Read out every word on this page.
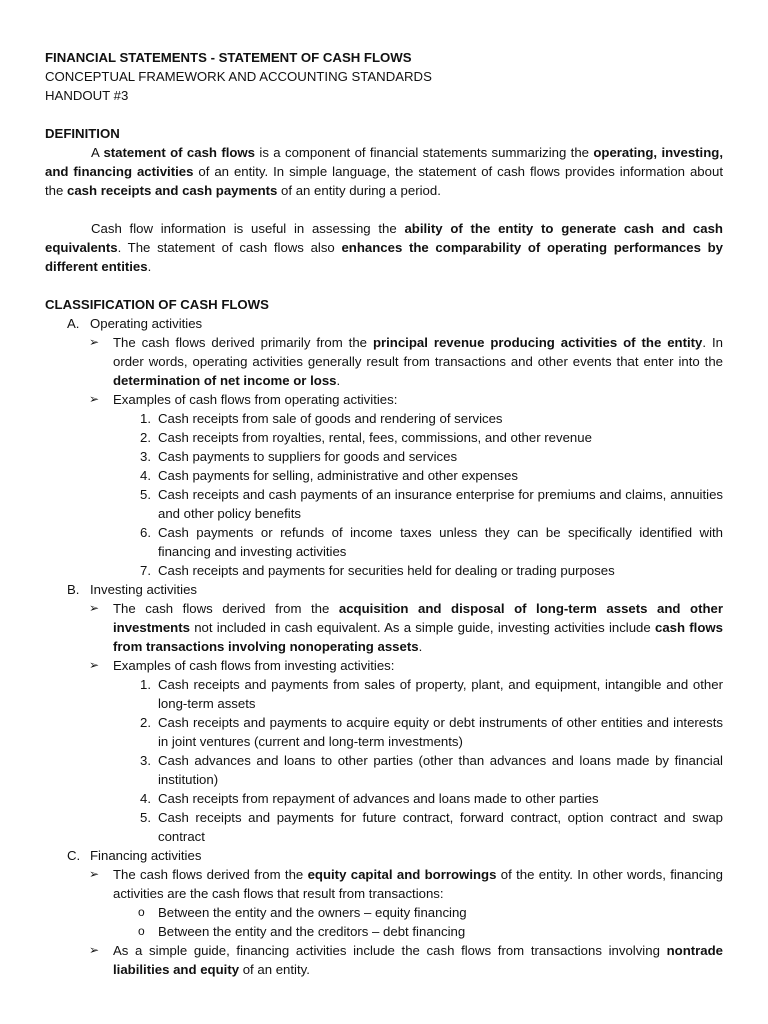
FINANCIAL STATEMENTS - STATEMENT OF CASH FLOWS

CONCEPTUAL FRAMEWORK AND ACCOUNTING STANDARDS

HANDOUT #3

DEFINITION

A statement of cash flows is a component of financial statements summarizing the operating, investing, and financing activities of an entity. In simple language, the statement of cash flows provides information about the cash receipts and cash payments of an entity during a period.

Cash flow information is useful in assessing the ability of the entity to generate cash and cash equivalents. The statement of cash flows also enhances the comparability of operating performances by different entities.

CLASSIFICATION OF CASH FLOWS

A. Operating activities
➢ The cash flows derived primarily from the principal revenue producing activities of the entity. In order words, operating activities generally result from transactions and other events that enter into the determination of net income or loss.
➢ Examples of cash flows from operating activities:
1. Cash receipts from sale of goods and rendering of services
2. Cash receipts from royalties, rental, fees, commissions, and other revenue
3. Cash payments to suppliers for goods and services
4. Cash payments for selling, administrative and other expenses
5. Cash receipts and cash payments of an insurance enterprise for premiums and claims, annuities and other policy benefits
6. Cash payments or refunds of income taxes unless they can be specifically identified with financing and investing activities
7. Cash receipts and payments for securities held for dealing or trading purposes
B. Investing activities
➢ The cash flows derived from the acquisition and disposal of long-term assets and other investments not included in cash equivalent. As a simple guide, investing activities include cash flows from transactions involving nonoperating assets.
➢ Examples of cash flows from investing activities:
1. Cash receipts and payments from sales of property, plant, and equipment, intangible and other long-term assets
2. Cash receipts and payments to acquire equity or debt instruments of other entities and interests in joint ventures (current and long-term investments)
3. Cash advances and loans to other parties (other than advances and loans made by financial institution)
4. Cash receipts from repayment of advances and loans made to other parties
5. Cash receipts and payments for future contract, forward contract, option contract and swap contract
C. Financing activities
➢ The cash flows derived from the equity capital and borrowings of the entity. In other words, financing activities are the cash flows that result from transactions:
o Between the entity and the owners – equity financing
o Between the entity and the creditors – debt financing
➢ As a simple guide, financing activities include the cash flows from transactions involving nontrade liabilities and equity of an entity.
